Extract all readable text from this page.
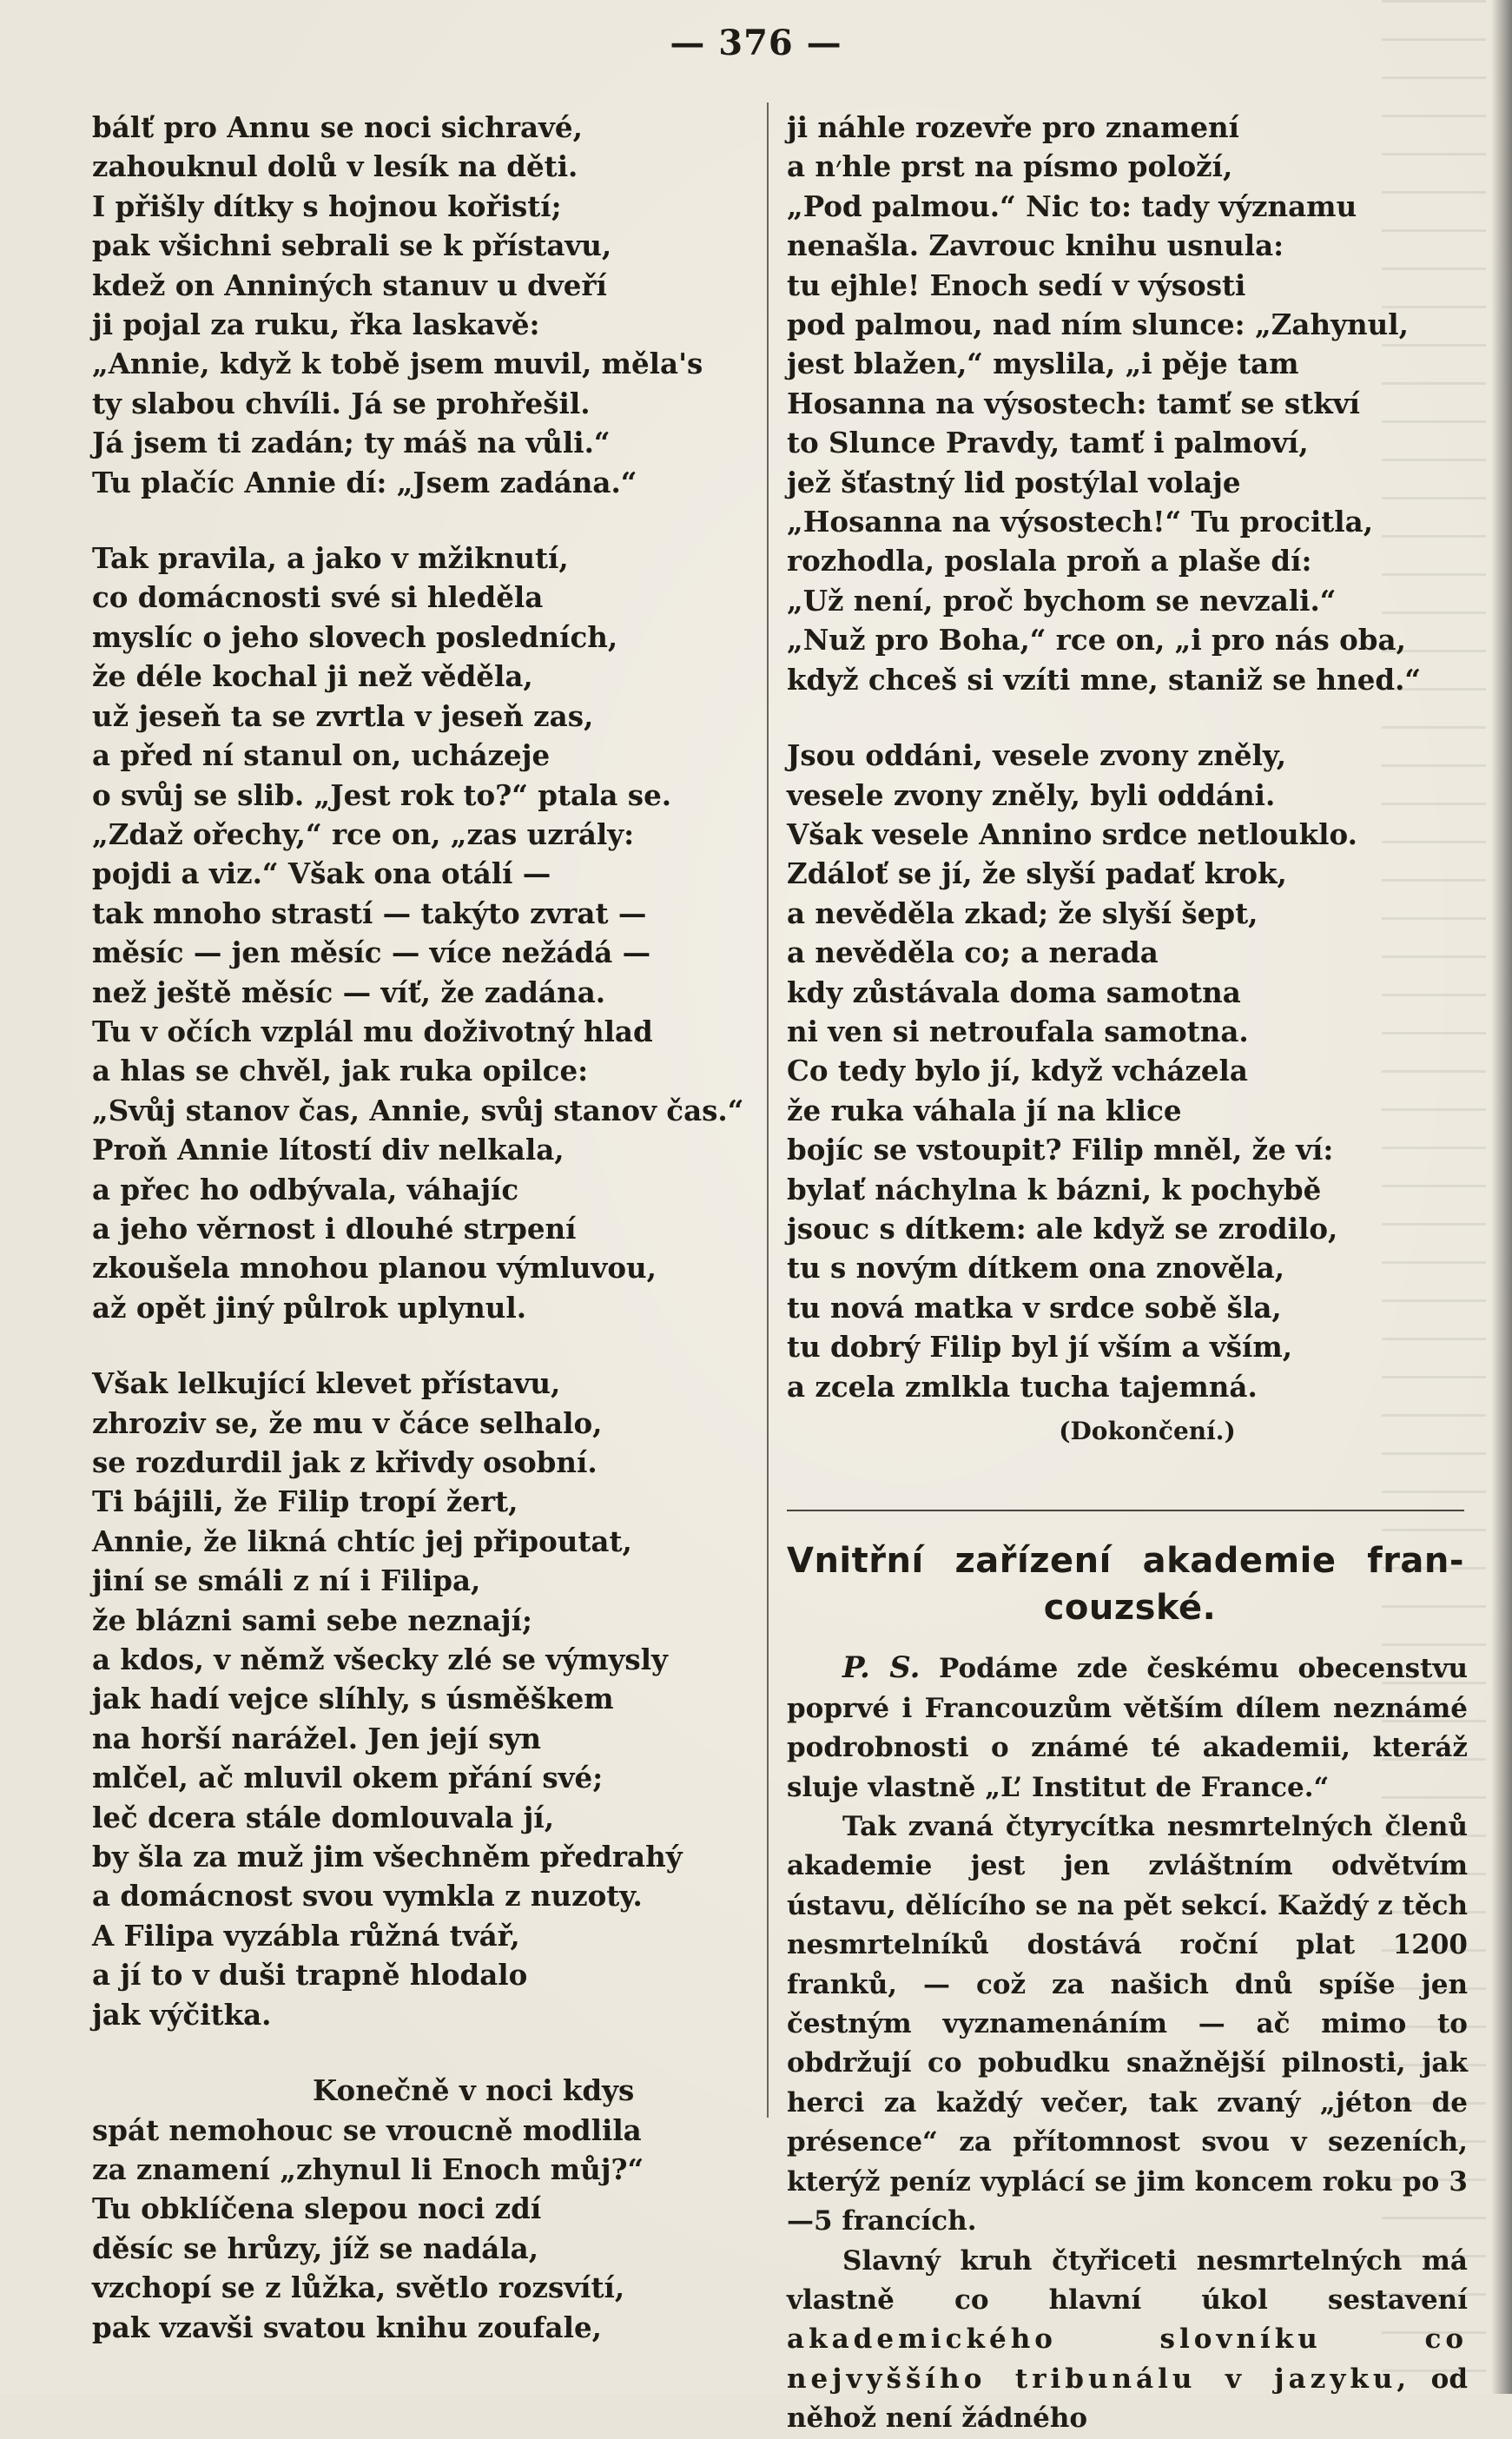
— 376 —
bálť pro Annu se noci sichravé,
zahouknul dolů v lesík na děti.
I přišly dítky s hojnou kořistí;
pak všichni sebrali se k přístavu,
kdež on Anniných stanuv u dveří
ji pojal za ruku, řka laskavě:
„Annie, když k tobě jsem muvil, měla's
ty slabou chvíli. Já se prohřešil.
Já jsem ti zadán; ty máš na vůli.“
Tu plačíc Annie dí: „Jsem zadána.“
Tak pravila, a jako v mžiknutí,
co domácnosti své si hleděla
myslíc o jeho slovech posledních,
že déle kochal ji než věděla,
už jeseň ta se zvrtla v jeseň zas,
a před ní stanul on, ucházeje
o svůj se slib. „Jest rok to?“ ptala se.
„Zdaž ořechy,“ rce on, „zas uzrály:
pojdi a viz.“ Však ona otálí —
tak mnoho strastí — takýto zvrat —
měsíc — jen měsíc — více nežádá —
než ještě měsíc — víť, že zadána.
Tu v očích vzplál mu doživotný hlad
a hlas se chvěl, jak ruka opilce:
„Svůj stanov čas, Annie, svůj stanov čas.“
Proň Annie lítostí div nelkala,
a přec ho odbývala, váhajíc
a jeho věrnost i dlouhé strpení
zkoušela mnohou planou výmluvou,
až opět jiný půlrok uplynul.
Však lelkující klevet přístavu,
zhroziv se, že mu v čáce selhalo,
se rozdurdil jak z křivdy osobní.
Ti bájili, že Filip tropí žert,
Annie, že likná chtíc jej připoutat,
jiní se smáli z ní i Filipa,
že blázni sami sebe neznají;
a kdos, v němž všecky zlé se výmysly
jak hadí vejce slíhly, s úsměškem
na horší narážel. Jen její syn
mlčel, ač mluvil okem přání své;
leč dcera stále domlouvala jí,
by šla za muž jim všechněm předrahý
a domácnost svou vymkla z nuzoty.
A Filipa vyzábla růžná tvář,
a jí to v duši trapně hlodalo
jak výčitka.
Konečně v noci kdys
spát nemohouc se vroucně modlila
za znamení „zhynul li Enoch můj?“
Tu obklíčena slepou noci zdí
děsíc se hrůzy, jíž se nadála,
vzchopí se z lůžka, světlo rozsvítí,
pak vzavši svatou knihu zoufale,
ji náhle rozevře pro znamení
a n׳hle prst na písmo položí,
„Pod palmou.“ Nic to: tady významu
nenašla. Zavrouc knihu usnula:
tu ejhle! Enoch sedí v výsosti
pod palmou, nad ním slunce: „Zahynul,
jest blažen,“ myslila, „i pěje tam
Hosanna na výsostech: tamť se stkví
to Slunce Pravdy, tamť i palmoví,
jež šťastný lid postýlal volaje
„Hosanna na výsostech!“ Tu procitla,
rozhodla, poslala proň a plaše dí:
„Už není, proč bychom se nevzali.“
„Nuž pro Boha,“ rce on, „i pro nás oba,
když chceš si vzíti mne, staniž se hned.“
Jsou oddáni, vesele zvony zněly,
vesele zvony zněly, byli oddáni.
Však vesele Annino srdce netlouklo.
Zdáloť se jí, že slyší padať krok,
a nevěděla zkad; že slyší šept,
a nevěděla co; a nerada
kdy zůstávala doma samotna
ni ven si netroufala samotna.
Co tedy bylo jí, když vcházela
že ruka váhala jí na klice
bojíc se vstoupit? Filip mněl, že ví:
bylať náchylna k bázni, k pochybě
jsouc s dítkem: ale když se zrodilo,
tu s novým dítkem ona znověla,
tu nová matka v srdce sobě šla,
tu dobrý Filip byl jí vším a vším,
a zcela zmlkla tucha tajemná.
(Dokončení.)
Vnitřní zařízení akademie fran-
couzské.

P. S. Podáme zde českému obecenstvu poprvé i Francouzům větším dílem neznámé podrobnosti o známé té akademii, kteráž sluje vlastně „L’ Institut de France.“

Tak zvaná čtyrycítka nesmrtelných členů akademie jest jen zvláštním odvětvím ústavu, dělícího se na pět sekcí. Každý z těch nesmrtelníků dostává roční plat 1200 franků, — což za našich dnů spíše jen čestným vyznamenáním — ač mimo to obdržují co pobudku snažnější pilnosti, jak herci za každý večer, tak zvaný „jéton de présence“ za přítomnost svou v sezeních, kterýž peníz vyplácí se jim koncem roku po 3—5 francích.

Slavný kruh čtyřiceti nesmrtelných má vlastně co hlavní úkol sestavení akademického slovníku co nejvyššího tribunálu v jazyku, od něhož není žádného
